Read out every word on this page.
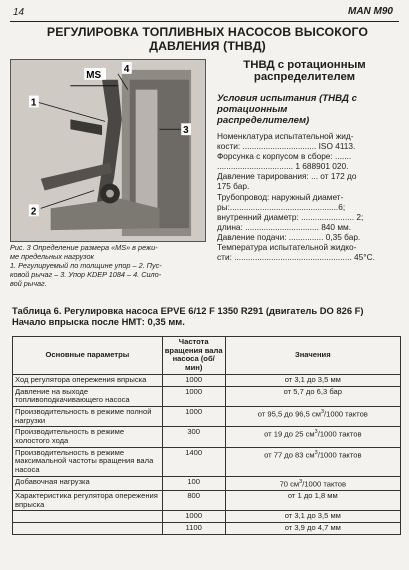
14	MAN M90
РЕГУЛИРОВКА ТОПЛИВНЫХ НАСОСОВ ВЫСОКОГО
ДАВЛЕНИЯ (ТНВД)
MS
4
1
3
2
Рис. 3 Определение размера «MS» в режи-
ме предельных нагрузок
1. Регулируемый по толщине упор – 2. Пус-
ковой рычаг – 3. Упор KDEP 1084 – 4. Сило-
вой рычаг.
ТНВД с ротационным
распределителем
Условия испытания (ТНВД с
ротационным
распределителем)
Номенклатура испытательной жид-
кости: ................................ ISO 4113.
Форсунка с корпусом в сборе: .......
................................. 1 688901 020.
Давление тарирования: ... от 172 до
175 бар.
Трубопровод: наружный диамет-
ры:...............................................6;
внутренний диаметр: ....................... 2;
длина: ................................ 840 мм.
Давление подачи: ............... 0,35 бар.
Температура испытательной жидко-
сти: ................................................... 45°С.
Таблица 6. Регулировка насоса EPVE 6/12 F 1350 R291 (двигатель DO 826 F)
Начало впрыска после НМТ: 0,35 мм.
Основные параметры	Частота вращения вала насоса (об/мин)	Значения
Ход регулятора опережения впрыска	1000	от 3,1 до 3,5 мм
Давление на выходе топливоподкачивающего насоса	1000	от 5,7 до 6,3 бар
Производительность в режиме полной нагрузки	1000	от 95,5 до 96,5 $см^3/1000$ тактов
Производительность в режиме холостого хода	300	от 19 до 25 $см^3/1000$ тактов
Производительность в режиме максимальной частоты вращения вала насоса	1400	от 77 до 83 $см^3/1000$ тактов
Добавочная нагрузка	100	70 $см^3/1000$ тактов
Характеристика регулятора опережения впрыска	800	от 1 до 1,8 мм
	1000	от 3,1 до 3,5 мм
	1100	от 3,9 до 4,7 мм
